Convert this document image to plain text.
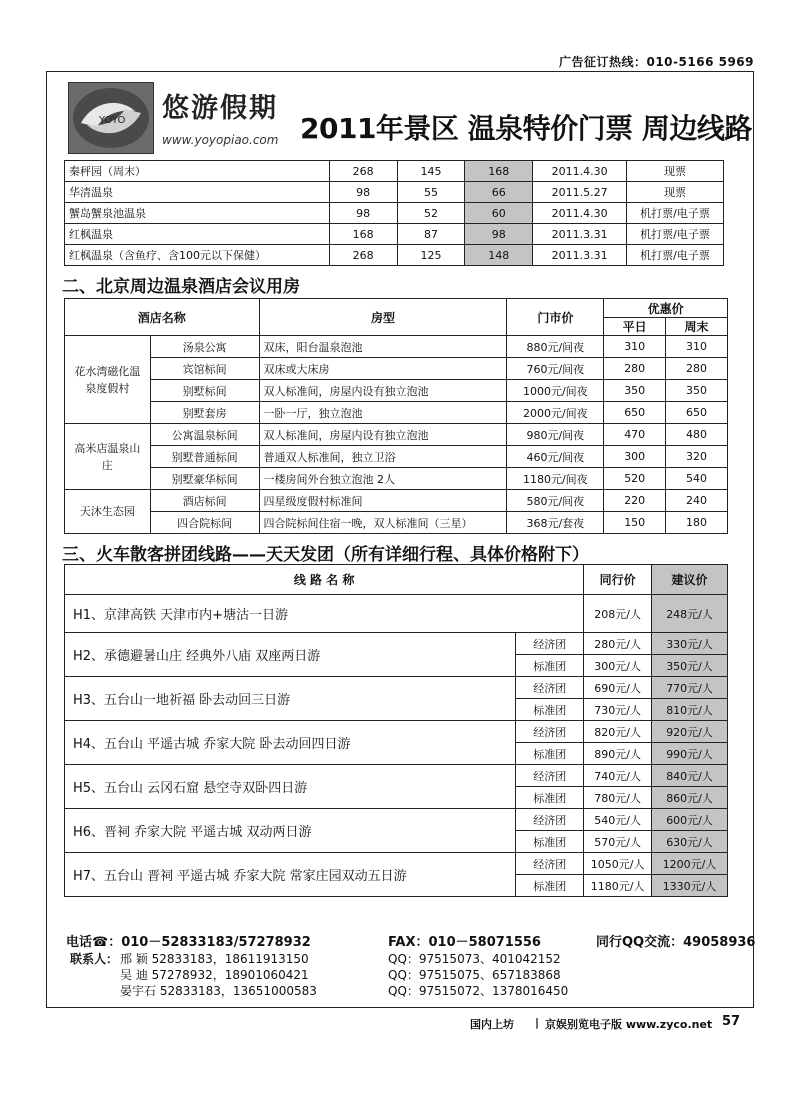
广告征订热线：010-5166 5969
YOYO 悠游假期
www.yoyopiao.com 2011年景区 温泉特价门票 周边线路
秦秤园（周末）	268	145	168	2011.4.30	现票
华清温泉	98	55	66	2011.5.27	现票
蟹岛蟹泉池温泉	98	52	60	2011.4.30	机打票/电子票
红枫温泉	168	87	98	2011.3.31	机打票/电子票
红枫温泉（含鱼疗、含100元以下保健）	268	125	148	2011.3.31	机打票/电子票
二、北京周边温泉酒店会议用房
酒店名称		房型	门市价	优惠价	
				平日	周末
花水湾磁化温泉度假村	汤泉公寓	双床，阳台温泉泡池	880元/间夜	310	310
	宾馆标间	双床或大床房	760元/间夜	280	280
	别墅标间	双人标准间，房屋内设有独立泡池	1000元/间夜	350	350
	别墅套房	一卧一厅，独立泡池	2000元/间夜	650	650
高米店温泉山庄	公寓温泉标间	双人标准间，房屋内设有独立泡池	980元/间夜	470	480
	别墅普通标间	普通双人标准间，独立卫浴	460元/间夜	300	320
	别墅豪华标间	一楼房间外台独立泡池 2人	1180元/间夜	520	540
天沐生态园	酒店标间	四星级度假村标准间	580元/间夜	220	240
	四合院标间	四合院标间住宿一晚，双人标准间（三星）	368元/套夜	150	180
三、火车散客拼团线路——天天发团（所有详细行程、具体价格附下）
线 路 名 称		同行价	建议价
H1、京津高铁 天津市内+塘沽一日游		208元/人	248元/人
H2、承德避暑山庄 经典外八庙 双座两日游	经济团	280元/人	330元/人
	标准团	300元/人	350元/人
H3、五台山一地祈福 卧去动回三日游	经济团	690元/人	770元/人
	标准团	730元/人	810元/人
H4、五台山 平遥古城 乔家大院 卧去动回四日游	经济团	820元/人	920元/人
	标准团	890元/人	990元/人
H5、五台山 云冈石窟 悬空寺双卧四日游	经济团	740元/人	840元/人
	标准团	780元/人	860元/人
H6、晋祠 乔家大院 平遥古城 双动两日游	经济团	540元/人	600元/人
	标准团	570元/人	630元/人
H7、五台山 晋祠 平遥古城 乔家大院 常家庄园双动五日游	经济团	1050元/人	1200元/人
	标准团	1180元/人	1330元/人
电话☎：010－52833183/57278932	FAX：010－58071556	同行QQ交流：49058936
联系人： 邢 颖 52833183，18611913150	QQ：97515073、401042152
吴 迪 57278932，18901060421	QQ：97515075、657183868
晏宇石 52833183，13651000583	QQ：97515072、1378016450
国内上坊 | 京娱别览电子版 www.zyco.net 57
